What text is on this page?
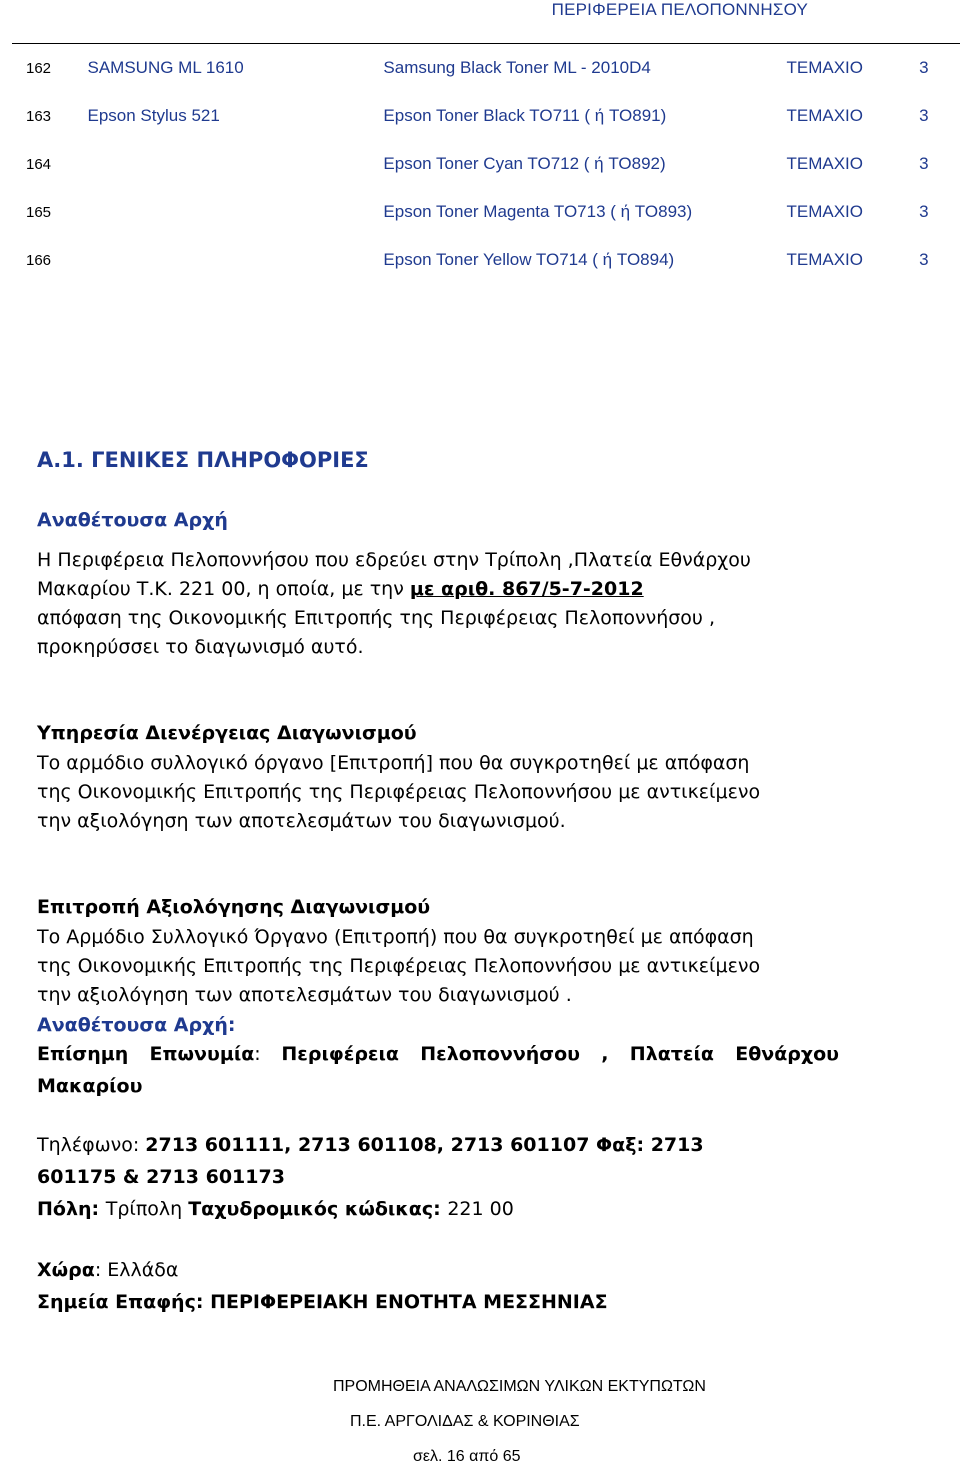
ΠΕΡΙΦΕΡΕΙΑ ΠΕΛΟΠΟΝΝΗΣΟΥ
162	SAMSUNG ML 1610	Samsung Black Toner ML - 2010D4	ΤΕΜΑΧΙΟ	3
163	Epson Stylus 521	Epson Toner Black TO711 ( ή TO891)	ΤΕΜΑΧΙΟ	3
164		Epson Toner Cyan TO712 ( ή TO892)	ΤΕΜΑΧΙΟ	3
165		Epson Toner Magenta TO713 ( ή TO893)	ΤΕΜΑΧΙΟ	3
166		Epson Toner Yellow TO714 ( ή TO894)	ΤΕΜΑΧΙΟ	3
Α.1. ΓΕΝΙΚΕΣ ΠΛΗΡΟΦΟΡΙΕΣ
Αναθέτουσα Αρχή
Η Περιφέρεια Πελοποννήσου που εδρεύει στην Τρίπολη ,Πλατεία Εθνάρχου
Μακαρίου Τ.Κ. 221 00, η οποία, με την με αριθ. 867/5-7-2012
απόφαση της Οικονομικής Επιτροπής της Περιφέρειας Πελοποννήσου ,
προκηρύσσει το διαγωνισμό αυτό.
Υπηρεσία Διενέργειας Διαγωνισμού
Το αρμόδιο συλλογικό όργανο [Επιτροπή] που θα συγκροτηθεί με απόφαση
της Οικονομικής Επιτροπής της Περιφέρειας Πελοποννήσου με αντικείμενο
την αξιολόγηση των αποτελεσμάτων του διαγωνισμού.
Επιτροπή Αξιολόγησης Διαγωνισμού
Το Αρμόδιο Συλλογικό Όργανο (Επιτροπή) που θα συγκροτηθεί με απόφαση
της Οικονομικής Επιτροπής της Περιφέρειας Πελοποννήσου με αντικείμενο
την αξιολόγηση των αποτελεσμάτων του διαγωνισμού .
Αναθέτουσα Αρχή:
Επίσημη Επωνυμία: Περιφέρεια Πελοποννήσου , Πλατεία Εθνάρχου
Μακαρίου
Τηλέφωνο: 2713 601111, 2713 601108, 2713 601107 Φαξ: 2713
601175 & 2713 601173
Πόλη: Τρίπολη Ταχυδρομικός κώδικας: 221 00
Χώρα: Ελλάδα
Σημεία Επαφής: ΠΕΡΙΦΕΡΕΙΑΚΗ ΕΝΟΤΗΤΑ ΜΕΣΣΗΝΙΑΣ
ΠΡΟΜΗΘΕΙΑ ΑΝΑΛΩΣΙΜΩΝ ΥΛΙΚΩΝ ΕΚΤΥΠΩΤΩΝ
Π.Ε. ΑΡΓΟΛΙΔΑΣ & ΚΟΡΙΝΘΙΑΣ
σελ. 16 από 65
